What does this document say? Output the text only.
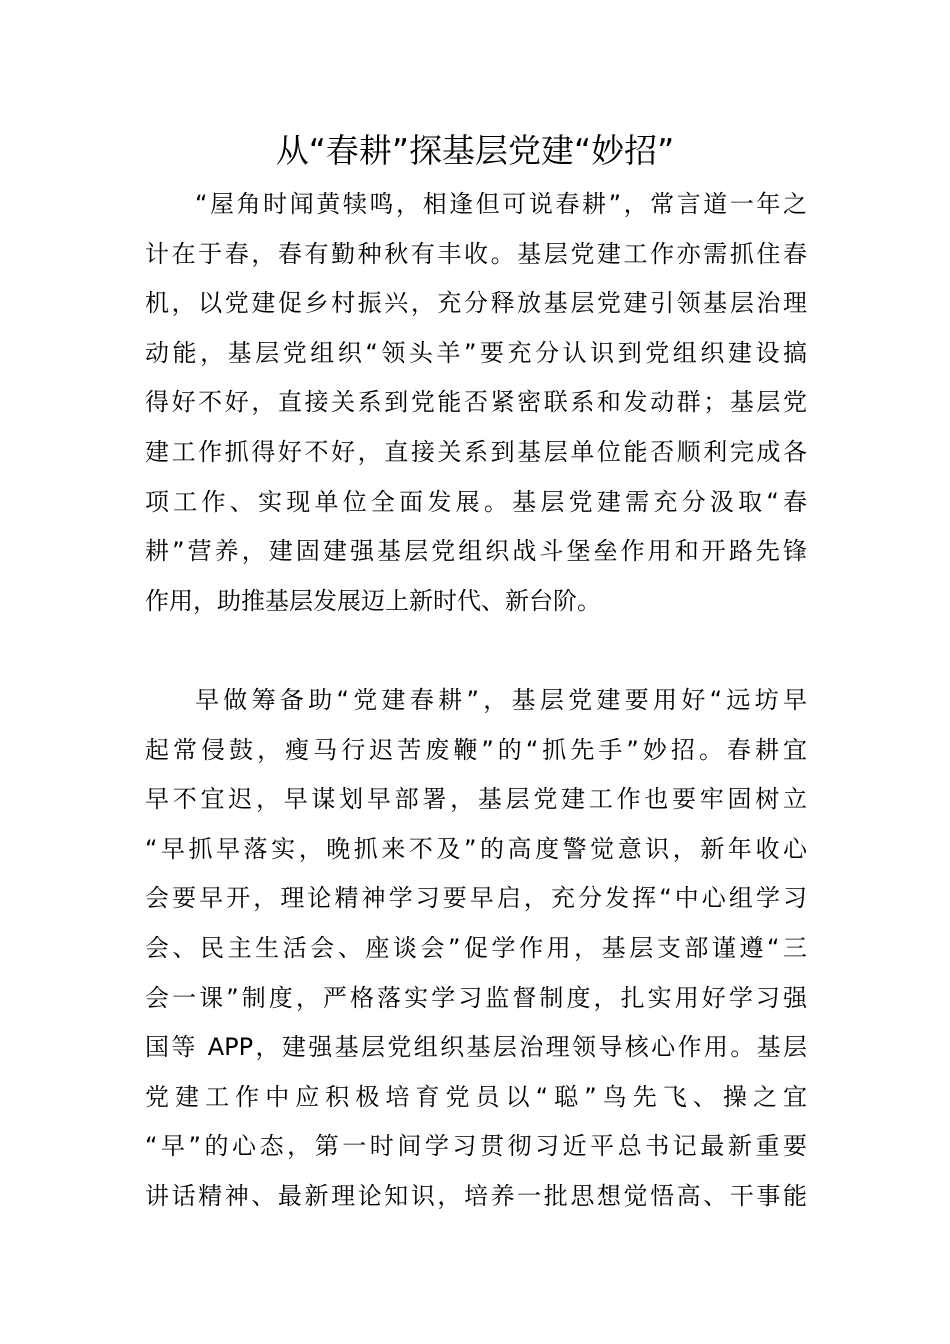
从“春耕”探基层党建“妙招”
“屋角时闻黄犊鸣，相逢但可说春耕”，常言道一年之
计在于春，春有勤种秋有丰收。基层党建工作亦需抓住春
机，以党建促乡村振兴，充分释放基层党建引领基层治理
动能，基层党组织“领头羊”要充分认识到党组织建设搞
得好不好，直接关系到党能否紧密联系和发动群；基层党
建工作抓得好不好，直接关系到基层单位能否顺利完成各
项工作、实现单位全面发展。基层党建需充分汲取“春
耕”营养，建固建强基层党组织战斗堡垒作用和开路先锋
作用，助推基层发展迈上新时代、新台阶。
早做筹备助“党建春耕”，基层党建要用好“远坊早
起常侵鼓，瘦马行迟苦废鞭”的“抓先手”妙招。春耕宜
早不宜迟，早谋划早部署，基层党建工作也要牢固树立
“早抓早落实，晚抓来不及”的高度警觉意识，新年收心
会要早开，理论精神学习要早启，充分发挥“中心组学习
会、民主生活会、座谈会”促学作用，基层支部谨遵“三
会一课”制度，严格落实学习监督制度，扎实用好学习强
国等 APP，建强基层党组织基层治理领导核心作用。基层
党建工作中应积极培育党员以“聪”鸟先飞、操之宜
“早”的心态，第一时间学习贯彻习近平总书记最新重要
讲话精神、最新理论知识，培养一批思想觉悟高、干事能
